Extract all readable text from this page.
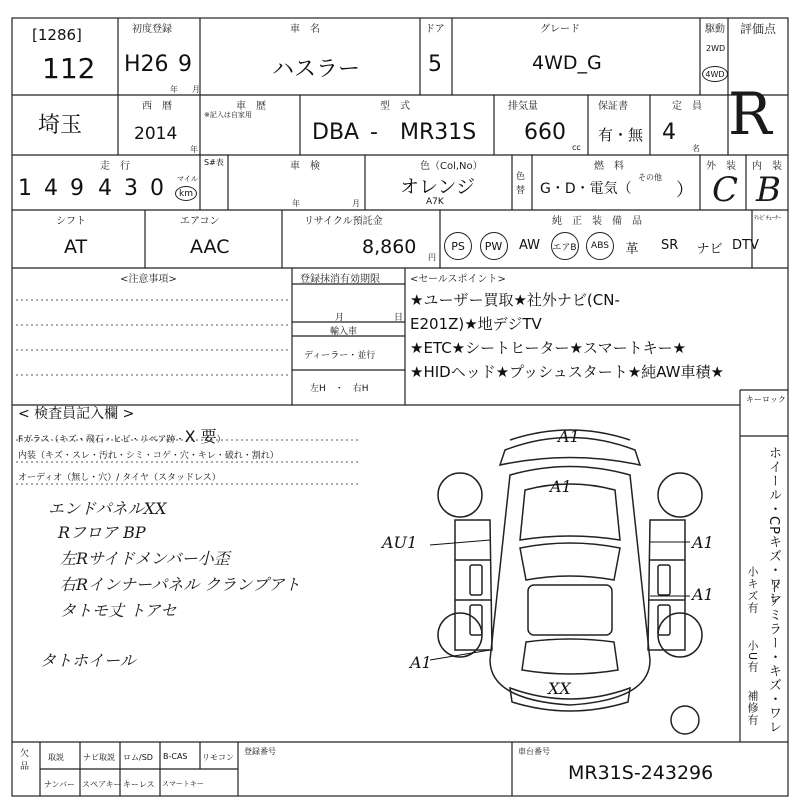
[1286]
112
初度登録
H26 9
年 月
車　名
ハスラー
ドア
5
グレード
4WD_G
駆動
2WD
4WD
評価点
R
埼玉
西　暦
2014
年
車　歴
※記入は自家用
型　式
DBA - MR31S
排気量
660
cc
保証書
有・無
定　員
4
名
走　行
1 4 9 4 3 0 マイル
km
S#表	車　検
年	月
色（Col,No）
オレンジ
A7K
色替
燃　料
G・D・電気（
その他
）
外　装
C
内　装
B
シフト
AT
エアコン
AAC
リサイクル預託金
8,860 円
純　正　装　備　品	ﾃﾚﾋﾞﾁｭｰﾅｰ
PS	PW	AW エアB	ABS	革 SR ナビ DTV
<注意事項>	登録抹消有効期限
月	日
輸入車
ディーラー・並行
左H　・　右H
<セールスポイント>
★ユーザー買取★社外ナビ(CN-
E201Z)★地デジTV
★ETC★シートヒーター★スマートキー★
★HIDヘッド★プッシュスタート★純AW車積★
< 検査員記入欄 >
Fガラス（キズ・飛石・ヒビ・リペア跡・X 要）
内装（キズ・スレ・汚れ・シミ・コゲ・穴・キレ・破れ・割れ）
オーディオ（無し・穴）/ タイヤ（スタッドレス）
エンドパネルXX
Rフロア BP
左Rサイドメンバー小歪
右Rインナーパネル クランプアト
タトモ丈 トアセ
タトホイール
A1
A1
AU1	A1
A1
A1
XX
キーロック
ホイール・CPキズ・ワレ
小キズ有 ドアミラー・キズ・ワレ
小U有
補修有
欠品
取説 ナビ取説 ロム/SD B-CAS リモコン
ナンバー スペアキー キーレス スマートキー
登録番号	車台番号
MR31S-243296
